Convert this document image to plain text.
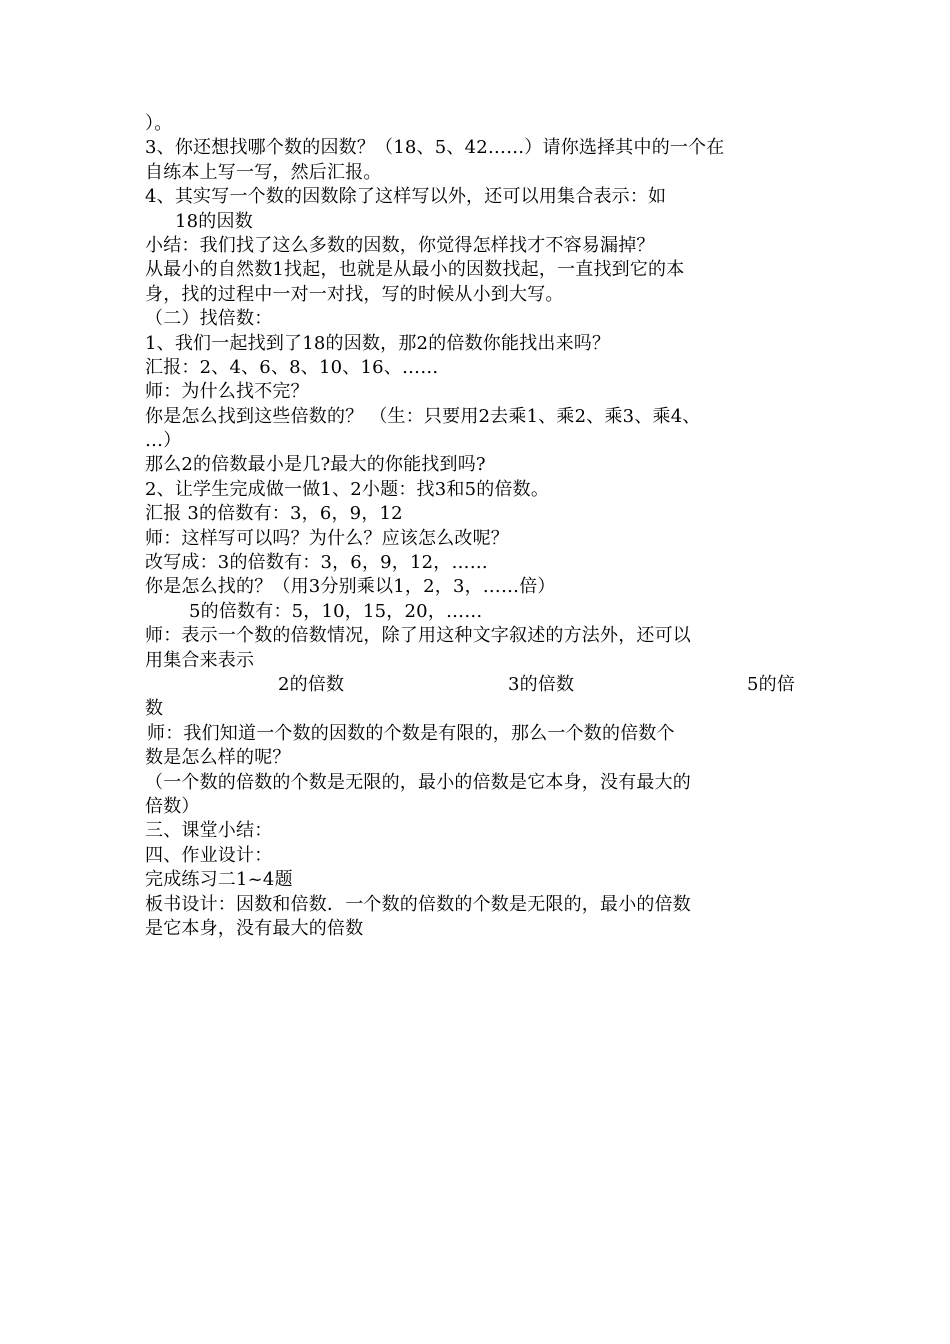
）。
3、你还想找哪个数的因数？（18、5、42……）请你选择其中的一个在
自练本上写一写，然后汇报。
4、其实写一个数的因数除了这样写以外，还可以用集合表示：如
18的因数
小结：我们找了这么多数的因数，你觉得怎样找才不容易漏掉？
从最小的自然数1找起，也就是从最小的因数找起，一直找到它的本
身，找的过程中一对一对找，写的时候从小到大写。
（二）找倍数：
1、我们一起找到了18的因数，那2的倍数你能找出来吗？
汇报：2、4、6、8、10、16、……
师：为什么找不完？
你是怎么找到这些倍数的？ （生：只要用2去乘1、乘2、乘3、乘4、
…）
那么2的倍数最小是几?最大的你能找到吗?
2、让学生完成做一做1、2小题：找3和5的倍数。
汇报 3的倍数有：3，6，9，12
师：这样写可以吗？为什么？应该怎么改呢？
改写成：3的倍数有：3，6，9，12，……
你是怎么找的？（用3分别乘以1，2，3，……倍）
5的倍数有：5，10，15，20，……
师：表示一个数的倍数情况，除了用这种文字叙述的方法外，还可以
用集合来表示
2的倍数	3的倍数	5的倍
数
师：我们知道一个数的因数的个数是有限的，那么一个数的倍数个
数是怎么样的呢？
（一个数的倍数的个数是无限的，最小的倍数是它本身，没有最大的
倍数）
三、课堂小结：
四、作业设计：
完成练习二1~4题
板书设计：因数和倍数．一个数的倍数的个数是无限的，最小的倍数
是它本身，没有最大的倍数
